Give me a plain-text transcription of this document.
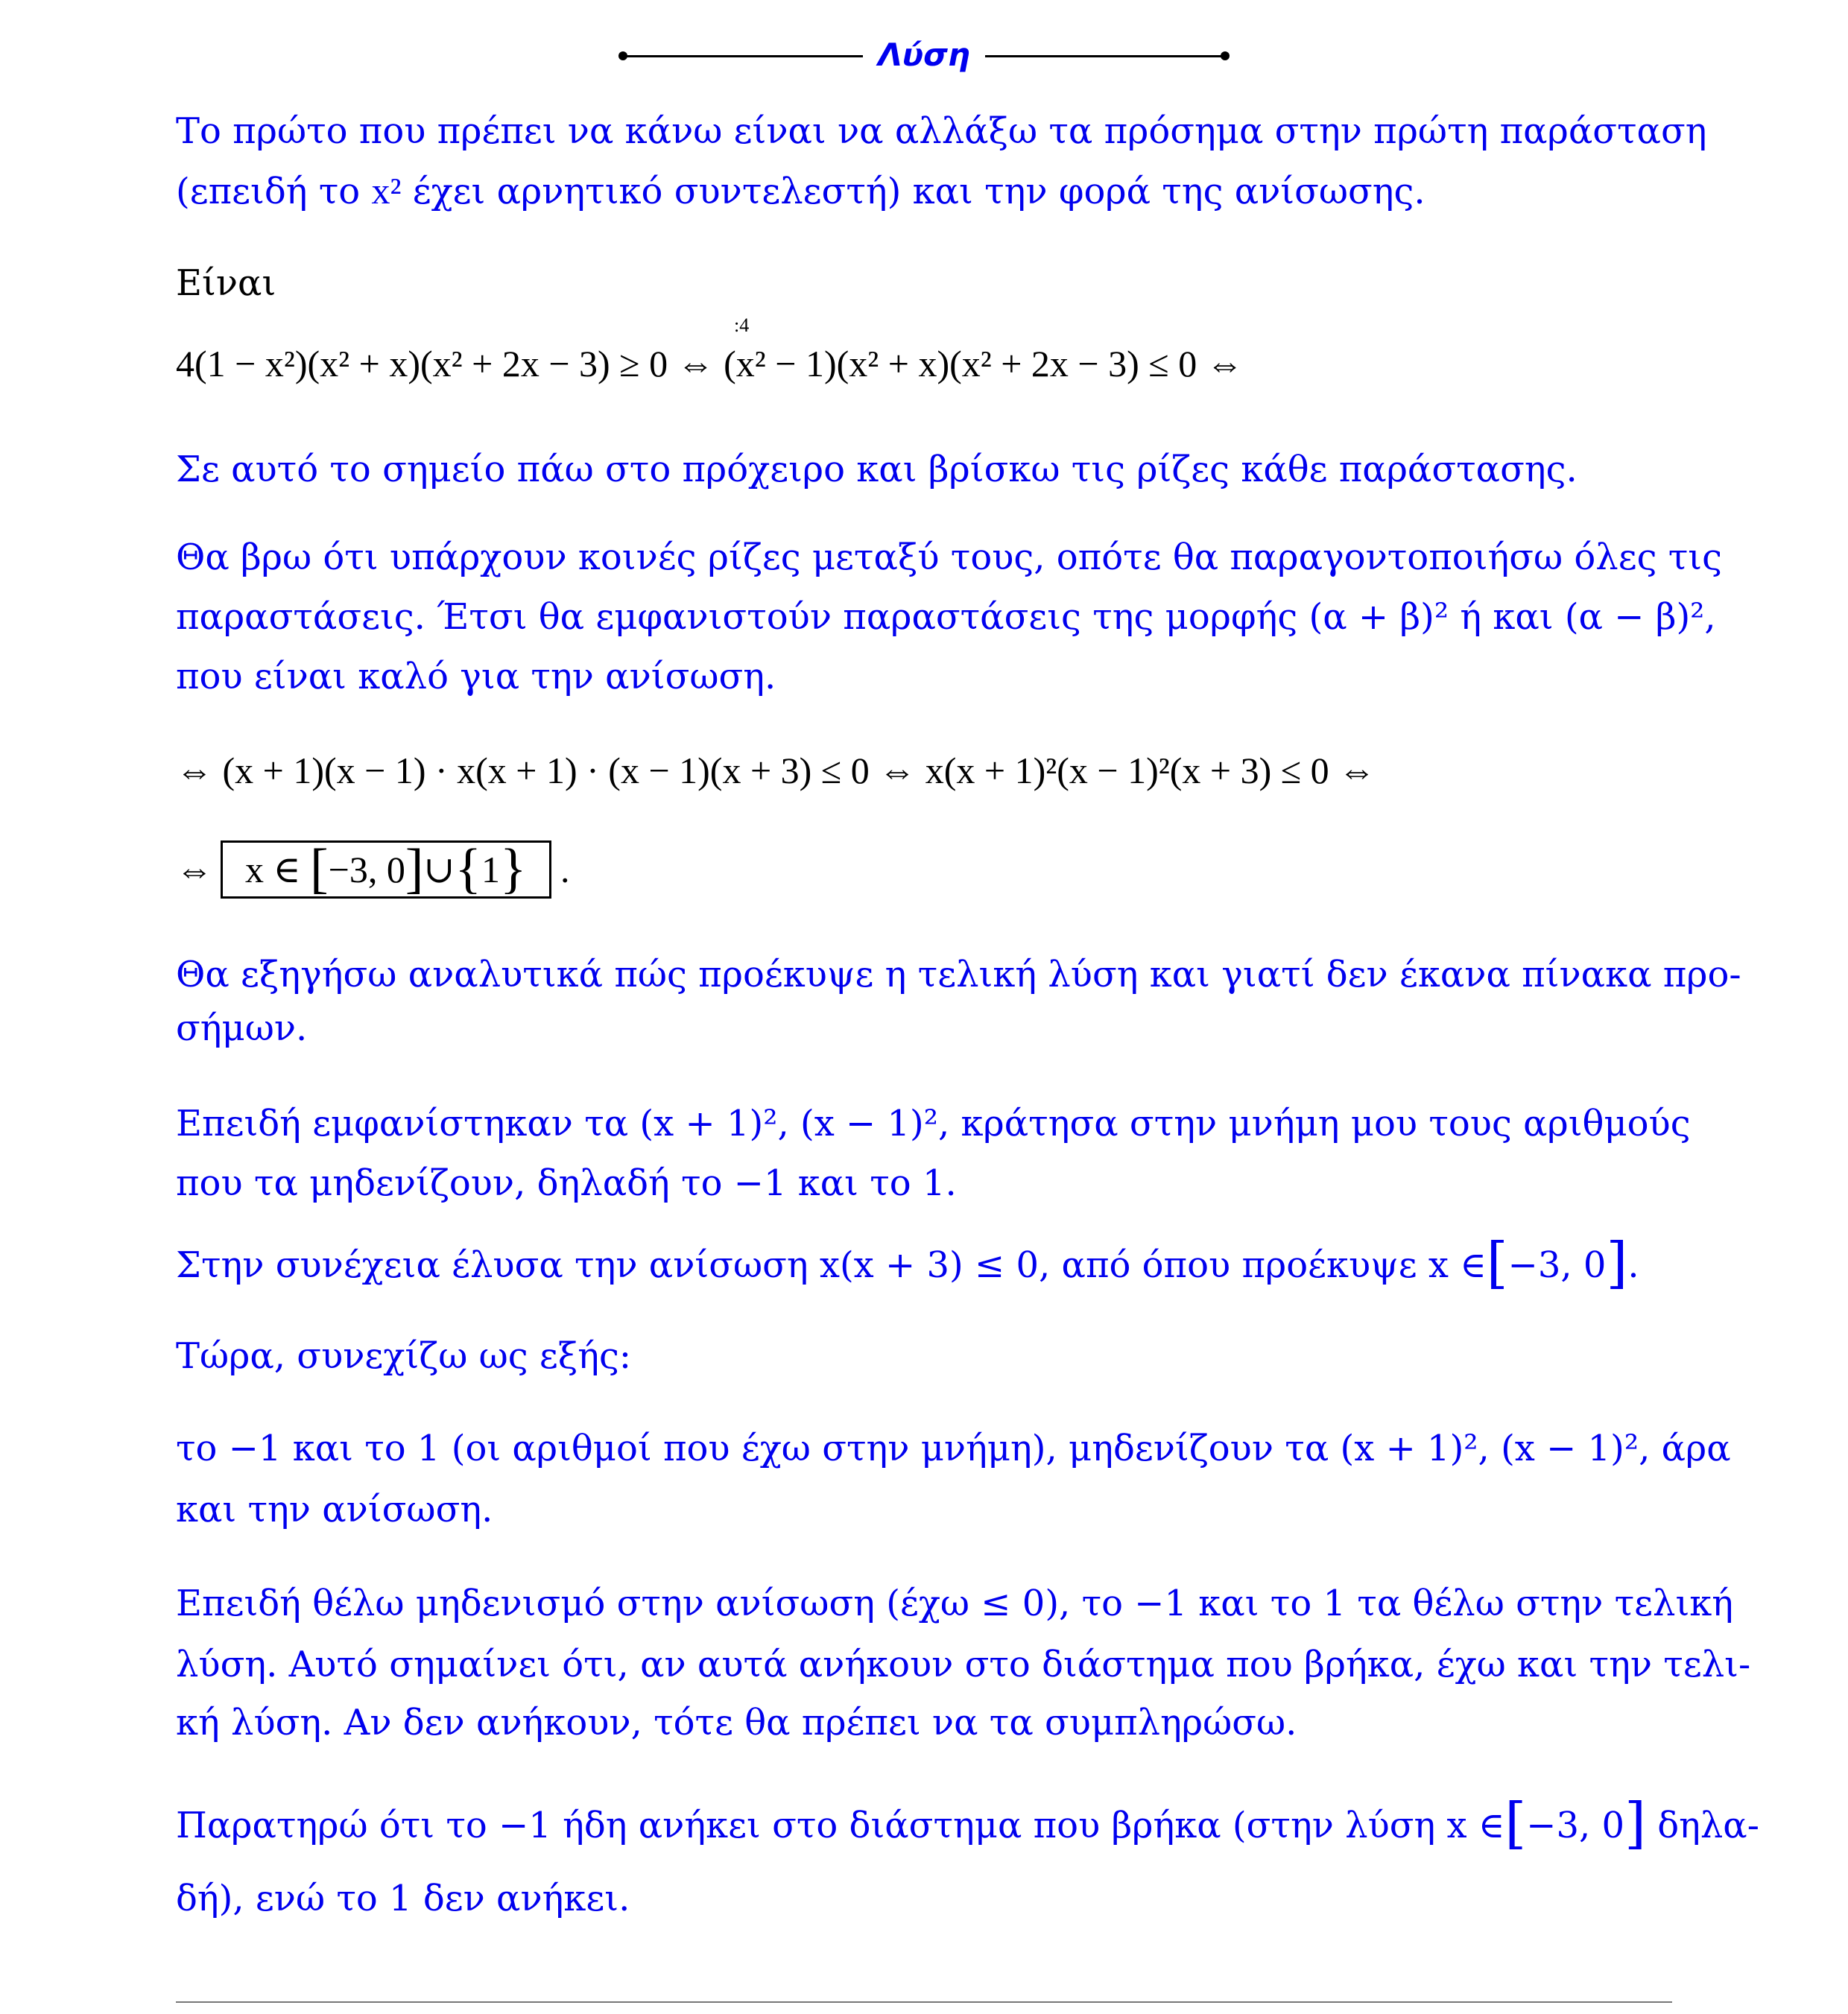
Λύση
Το πρώτο που πρέπει να κάνω είναι να αλλάξω τα πρόσημα στην πρώτη παράσταση
(επειδή το x² έχει αρνητικό συντελεστή) και την φορά της ανίσωσης.
Είναι
:4
4(1 − x²)(x² + x)(x² + 2x − 3) ≥ 0 ⇔ (x² − 1)(x² + x)(x² + 2x − 3) ≤ 0 ⇔
Σε αυτό το σημείο πάω στο πρόχειρο και βρίσκω τις ρίζες κάθε παράστασης.
Θα βρω ότι υπάρχουν κοινές ρίζες μεταξύ τους, οπότε θα παραγοντοποιήσω όλες τις
παραστάσεις. Έτσι θα εμφανιστούν παραστάσεις της μορφής (α + β)² ή και (α − β)²,
που είναι καλό για την ανίσωση.
⇔ (x + 1)(x − 1) · x(x + 1) · (x − 1)(x + 3) ≤ 0 ⇔ x(x + 1)²(x − 1)²(x + 3) ≤ 0 ⇔
⇔ x ∈ [−3, 0]∪{1} .
Θα εξηγήσω αναλυτικά πώς προέκυψε η τελική λύση και γιατί δεν έκανα πίνακα προ-
σήμων.
Επειδή εμφανίστηκαν τα (x + 1)², (x − 1)², κράτησα στην μνήμη μου τους αριθμούς
που τα μηδενίζουν, δηλαδή το −1 και το 1.
Στην συνέχεια έλυσα την ανίσωση x(x + 3) ≤ 0, από όπου προέκυψε x ∈[−3, 0].
Τώρα, συνεχίζω ως εξής:
το −1 και το 1 (οι αριθμοί που έχω στην μνήμη), μηδενίζουν τα (x + 1)², (x − 1)², άρα
και την ανίσωση.
Επειδή θέλω μηδενισμό στην ανίσωση (έχω ≤ 0), το −1 και το 1 τα θέλω στην τελική
λύση. Αυτό σημαίνει ότι, αν αυτά ανήκουν στο διάστημα που βρήκα, έχω και την τελι-
κή λύση. Αν δεν ανήκουν, τότε θα πρέπει να τα συμπληρώσω.
Παρατηρώ ότι το −1 ήδη ανήκει στο διάστημα που βρήκα (στην λύση x ∈[−3, 0] δηλα-
δή), ενώ το 1 δεν ανήκει.
